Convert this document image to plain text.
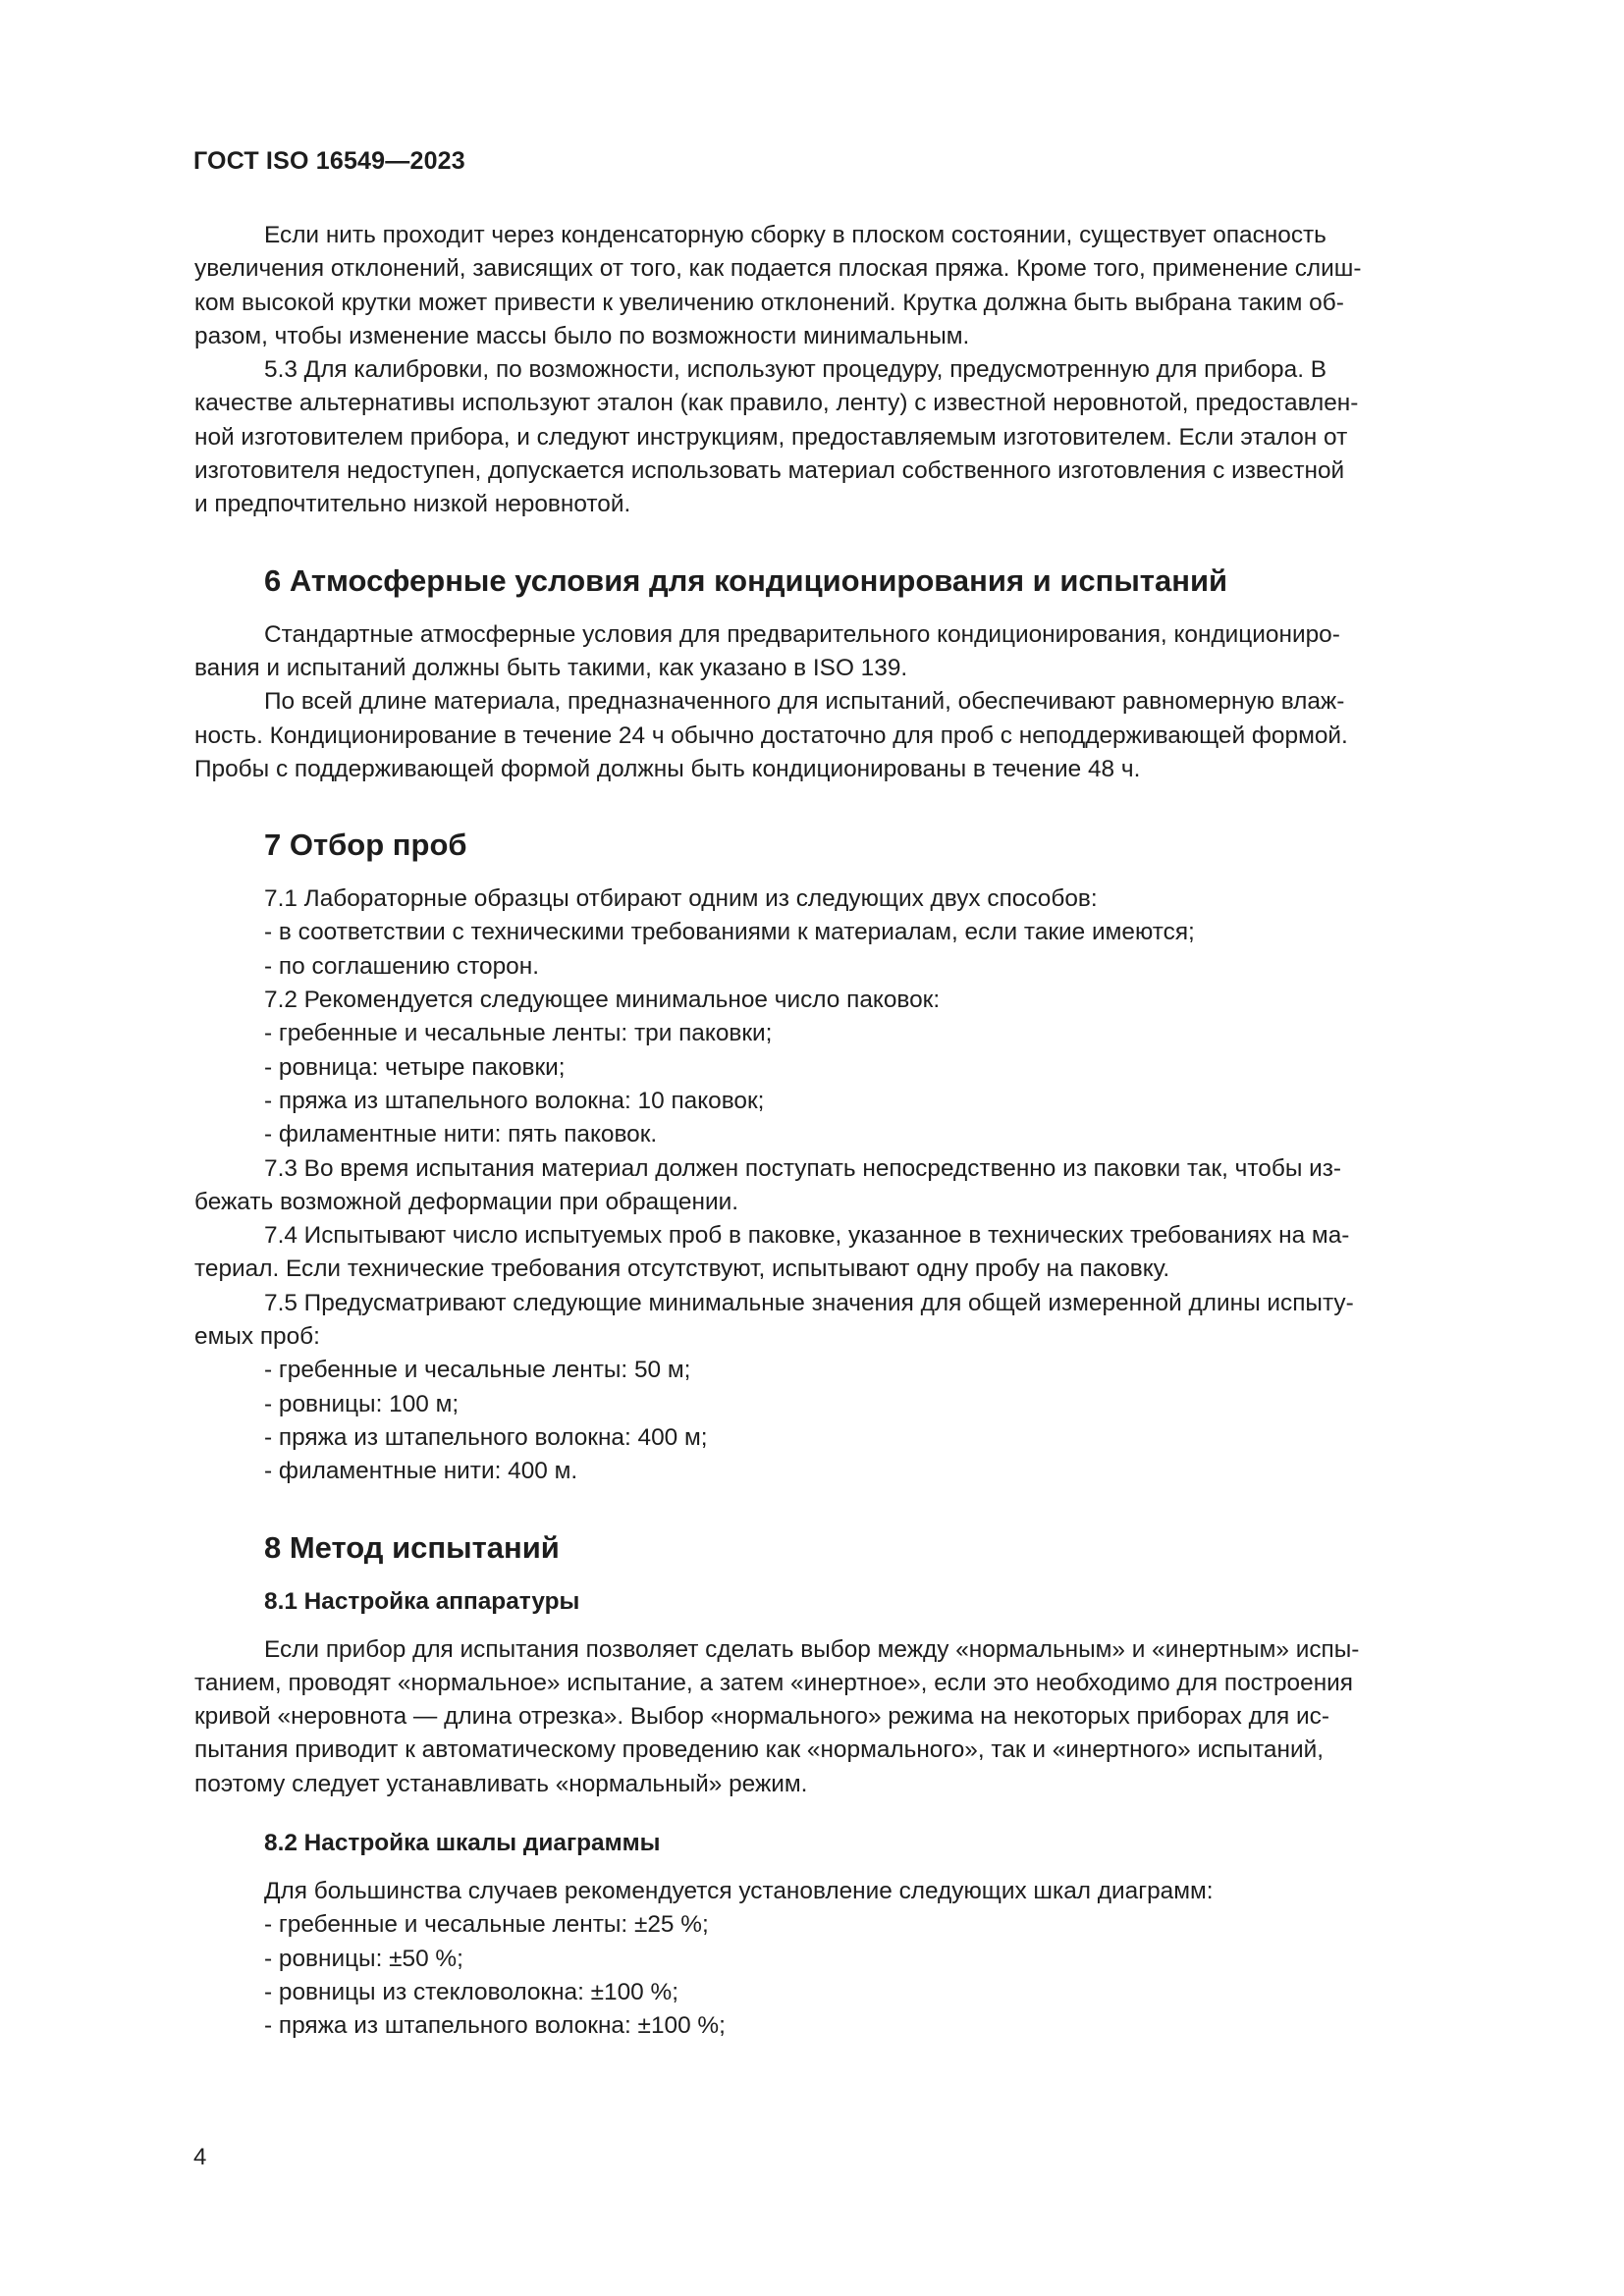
ГОСТ ISO 16549—2023
Если нить проходит через конденсаторную сборку в плоском состоянии, существует опасность
увеличения отклонений, зависящих от того, как подается плоская пряжа. Кроме того, применение слиш-
ком высокой крутки может привести к увеличению отклонений. Крутка должна быть выбрана таким об-
разом, чтобы изменение массы было по возможности минимальным.
5.3 Для калибровки, по возможности, используют процедуру, предусмотренную для прибора. В
качестве альтернативы используют эталон (как правило, ленту) с известной неровнотой, предоставлен-
ной изготовителем прибора, и следуют инструкциям, предоставляемым изготовителем. Если эталон от
изготовителя недоступен, допускается использовать материал собственного изготовления с известной
и предпочтительно низкой неровнотой.
6 Атмосферные условия для кондиционирования и испытаний
Стандартные атмосферные условия для предварительного кондиционирования, кондициониро-
вания и испытаний должны быть такими, как указано в ISO 139.
По всей длине материала, предназначенного для испытаний, обеспечивают равномерную влаж-
ность. Кондиционирование в течение 24 ч обычно достаточно для проб с неподдерживающей формой.
Пробы с поддерживающей формой должны быть кондиционированы в течение 48 ч.
7 Отбор проб
7.1 Лабораторные образцы отбирают одним из следующих двух способов:
- в соответствии с техническими требованиями к материалам, если такие имеются;
- по соглашению сторон.
7.2 Рекомендуется следующее минимальное число паковок:
- гребенные и чесальные ленты: три паковки;
- ровница: четыре паковки;
- пряжа из штапельного волокна: 10 паковок;
- филаментные нити: пять паковок.
7.3 Во время испытания материал должен поступать непосредственно из паковки так, чтобы из-
бежать возможной деформации при обращении.
7.4 Испытывают число испытуемых проб в паковке, указанное в технических требованиях на ма-
териал. Если технические требования отсутствуют, испытывают одну пробу на паковку.
7.5 Предусматривают следующие минимальные значения для общей измеренной длины испыту-
емых проб:
- гребенные и чесальные ленты: 50 м;
- ровницы: 100 м;
- пряжа из штапельного волокна: 400 м;
- филаментные нити: 400 м.
8 Метод испытаний
8.1 Настройка аппаратуры
Если прибор для испытания позволяет сделать выбор между «нормальным» и «инертным» испы-
танием, проводят «нормальное» испытание, а затем «инертное», если это необходимо для построения
кривой «неровнота — длина отрезка». Выбор «нормального» режима на некоторых приборах для ис-
пытания приводит к автоматическому проведению как «нормального», так и «инертного» испытаний,
поэтому следует устанавливать «нормальный» режим.
8.2 Настройка шкалы диаграммы
Для большинства случаев рекомендуется установление следующих шкал диаграмм:
- гребенные и чесальные ленты: ±25 %;
- ровницы: ±50 %;
- ровницы из стекловолокна: ±100 %;
- пряжа из штапельного волокна: ±100 %;
4
